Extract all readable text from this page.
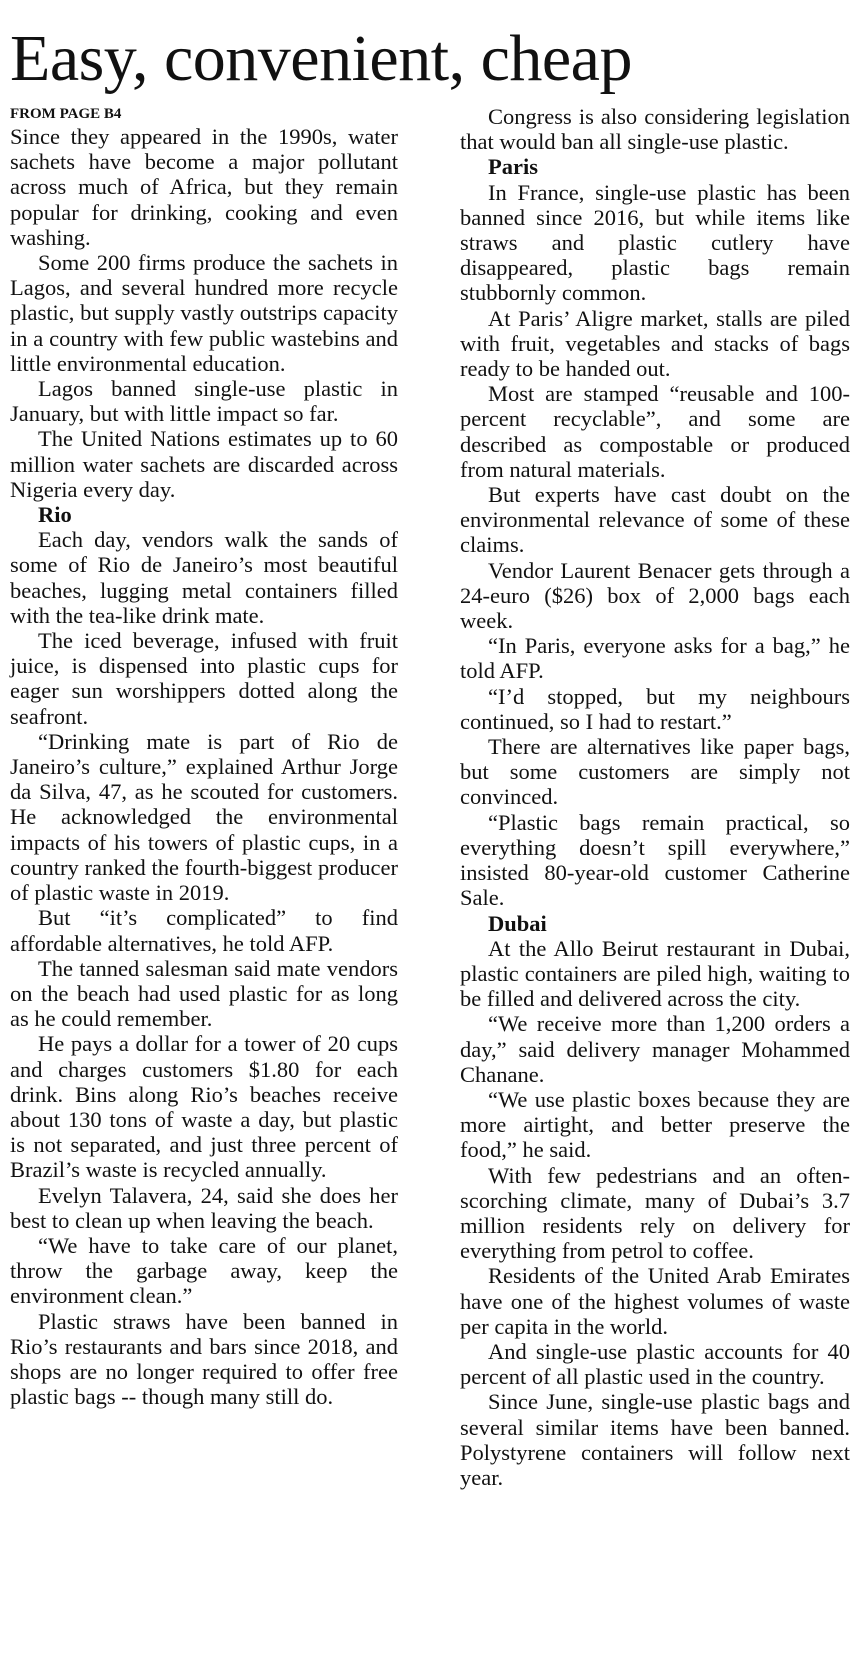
Easy, convenient, cheap
FROM PAGE B4

Since they appeared in the 1990s, water sachets have become a major pollutant across much of Africa, but they remain popular for drinking, cooking and even washing.

Some 200 firms produce the sachets in Lagos, and several hundred more recycle plastic, but supply vastly outstrips capacity in a country with few public wastebins and little environmental education.

Lagos banned single-use plastic in January, but with little impact so far.

The United Nations estimates up to 60 million water sachets are discarded across Nigeria every day.

Rio

Each day, vendors walk the sands of some of Rio de Janeiro’s most beautiful beaches, lugging metal containers filled with the tea-like drink mate.

The iced beverage, infused with fruit juice, is dispensed into plastic cups for eager sun worshippers dotted along the seafront.

“Drinking mate is part of Rio de Janeiro’s culture,” explained Arthur Jorge da Silva, 47, as he scouted for customers. He acknowledged the environmental impacts of his towers of plastic cups, in a country ranked the fourth-biggest producer of plastic waste in 2019.

But “it’s complicated” to find affordable alternatives, he told AFP.

The tanned salesman said mate vendors on the beach had used plastic for as long as he could remember.

He pays a dollar for a tower of 20 cups and charges customers $1.80 for each drink. Bins along Rio’s beaches receive about 130 tons of waste a day, but plastic is not separated, and just three percent of Brazil’s waste is recycled annually.

Evelyn Talavera, 24, said she does her best to clean up when leaving the beach.

“We have to take care of our planet, throw the garbage away, keep the environment clean.”

Plastic straws have been banned in Rio’s restaurants and bars since 2018, and shops are no longer required to offer free plastic bags -- though many still do.

Congress is also considering legislation that would ban all single-use plastic.

Paris

In France, single-use plastic has been banned since 2016, but while items like straws and plastic cutlery have disappeared, plastic bags remain stubbornly common.

At Paris’ Aligre market, stalls are piled with fruit, vegetables and stacks of bags ready to be handed out.

Most are stamped “reusable and 100-percent recyclable”, and some are described as compostable or produced from natural materials.

But experts have cast doubt on the environmental relevance of some of these claims.

Vendor Laurent Benacer gets through a 24-euro ($26) box of 2,000 bags each week.

“In Paris, everyone asks for a bag,” he told AFP.

“I’d stopped, but my neighbours continued, so I had to restart.”

There are alternatives like paper bags, but some customers are simply not convinced.

“Plastic bags remain practical, so everything doesn’t spill everywhere,” insisted 80-year-old customer Catherine Sale.

Dubai

At the Allo Beirut restaurant in Dubai, plastic containers are piled high, waiting to be filled and delivered across the city.

“We receive more than 1,200 orders a day,” said delivery manager Mohammed Chanane.

“We use plastic boxes because they are more airtight, and better preserve the food,” he said.

With few pedestrians and an often-scorching climate, many of Dubai’s 3.7 million residents rely on delivery for everything from petrol to coffee.

Residents of the United Arab Emirates have one of the highest volumes of waste per capita in the world.

And single-use plastic accounts for 40 percent of all plastic used in the country.

Since June, single-use plastic bags and several similar items have been banned. Polystyrene containers will follow next year.
